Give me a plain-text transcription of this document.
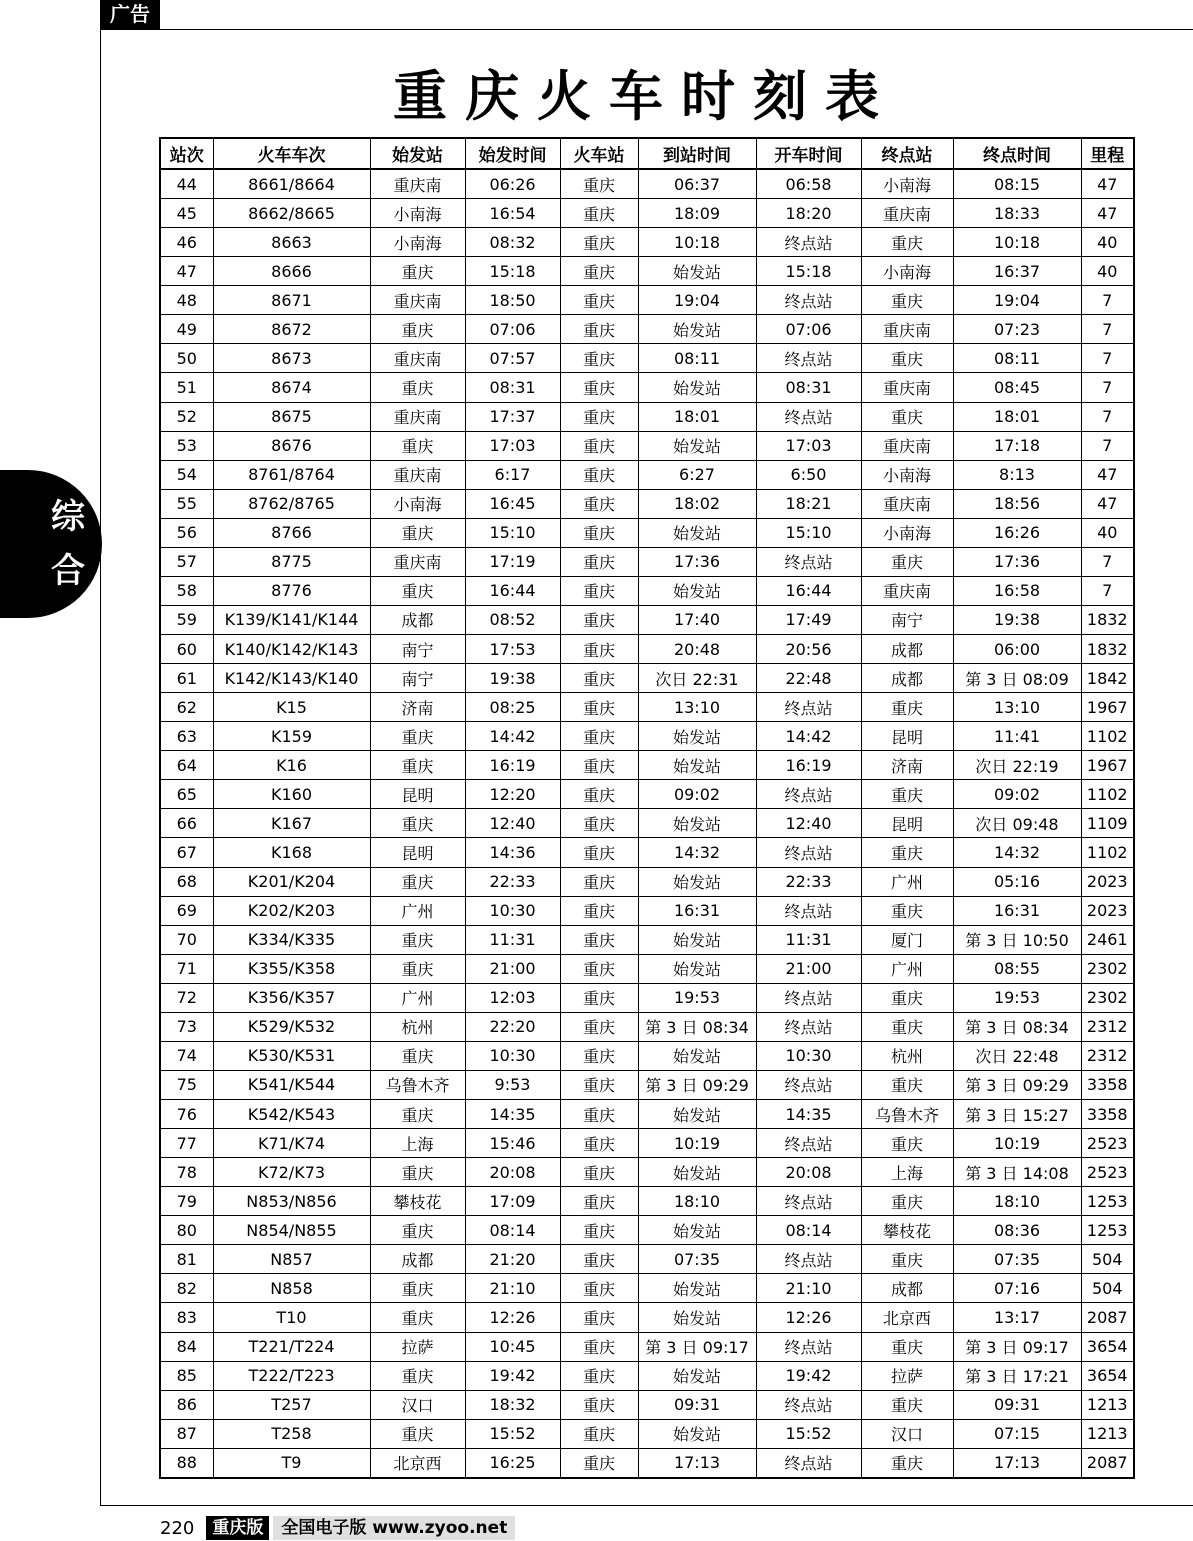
广告
重庆火车时刻表
综
合
站次	火车车次	始发站	始发时间	火车站	到站时间	开车时间	终点站	终点时间	里程
44	8661/8664	重庆南	06:26	重庆	06:37	06:58	小南海	08:15	47
45	8662/8665	小南海	16:54	重庆	18:09	18:20	重庆南	18:33	47
46	8663	小南海	08:32	重庆	10:18	终点站	重庆	10:18	40
47	8666	重庆	15:18	重庆	始发站	15:18	小南海	16:37	40
48	8671	重庆南	18:50	重庆	19:04	终点站	重庆	19:04	7
49	8672	重庆	07:06	重庆	始发站	07:06	重庆南	07:23	7
50	8673	重庆南	07:57	重庆	08:11	终点站	重庆	08:11	7
51	8674	重庆	08:31	重庆	始发站	08:31	重庆南	08:45	7
52	8675	重庆南	17:37	重庆	18:01	终点站	重庆	18:01	7
53	8676	重庆	17:03	重庆	始发站	17:03	重庆南	17:18	7
54	8761/8764	重庆南	6:17	重庆	6:27	6:50	小南海	8:13	47
55	8762/8765	小南海	16:45	重庆	18:02	18:21	重庆南	18:56	47
56	8766	重庆	15:10	重庆	始发站	15:10	小南海	16:26	40
57	8775	重庆南	17:19	重庆	17:36	终点站	重庆	17:36	7
58	8776	重庆	16:44	重庆	始发站	16:44	重庆南	16:58	7
59	K139/K141/K144	成都	08:52	重庆	17:40	17:49	南宁	19:38	1832
60	K140/K142/K143	南宁	17:53	重庆	20:48	20:56	成都	06:00	1832
61	K142/K143/K140	南宁	19:38	重庆	次日 22:31	22:48	成都	第 3 日 08:09	1842
62	K15	济南	08:25	重庆	13:10	终点站	重庆	13:10	1967
63	K159	重庆	14:42	重庆	始发站	14:42	昆明	11:41	1102
64	K16	重庆	16:19	重庆	始发站	16:19	济南	次日 22:19	1967
65	K160	昆明	12:20	重庆	09:02	终点站	重庆	09:02	1102
66	K167	重庆	12:40	重庆	始发站	12:40	昆明	次日 09:48	1109
67	K168	昆明	14:36	重庆	14:32	终点站	重庆	14:32	1102
68	K201/K204	重庆	22:33	重庆	始发站	22:33	广州	05:16	2023
69	K202/K203	广州	10:30	重庆	16:31	终点站	重庆	16:31	2023
70	K334/K335	重庆	11:31	重庆	始发站	11:31	厦门	第 3 日 10:50	2461
71	K355/K358	重庆	21:00	重庆	始发站	21:00	广州	08:55	2302
72	K356/K357	广州	12:03	重庆	19:53	终点站	重庆	19:53	2302
73	K529/K532	杭州	22:20	重庆	第 3 日 08:34	终点站	重庆	第 3 日 08:34	2312
74	K530/K531	重庆	10:30	重庆	始发站	10:30	杭州	次日 22:48	2312
75	K541/K544	乌鲁木齐	9:53	重庆	第 3 日 09:29	终点站	重庆	第 3 日 09:29	3358
76	K542/K543	重庆	14:35	重庆	始发站	14:35	乌鲁木齐	第 3 日 15:27	3358
77	K71/K74	上海	15:46	重庆	10:19	终点站	重庆	10:19	2523
78	K72/K73	重庆	20:08	重庆	始发站	20:08	上海	第 3 日 14:08	2523
79	N853/N856	攀枝花	17:09	重庆	18:10	终点站	重庆	18:10	1253
80	N854/N855	重庆	08:14	重庆	始发站	08:14	攀枝花	08:36	1253
81	N857	成都	21:20	重庆	07:35	终点站	重庆	07:35	504
82	N858	重庆	21:10	重庆	始发站	21:10	成都	07:16	504
83	T10	重庆	12:26	重庆	始发站	12:26	北京西	13:17	2087
84	T221/T224	拉萨	10:45	重庆	第 3 日 09:17	终点站	重庆	第 3 日 09:17	3654
85	T222/T223	重庆	19:42	重庆	始发站	19:42	拉萨	第 3 日 17:21	3654
86	T257	汉口	18:32	重庆	09:31	终点站	重庆	09:31	1213
87	T258	重庆	15:52	重庆	始发站	15:52	汉口	07:15	1213
88	T9	北京西	16:25	重庆	17:13	终点站	重庆	17:13	2087
220	重庆版	全国电子版 www.zyoo.net
